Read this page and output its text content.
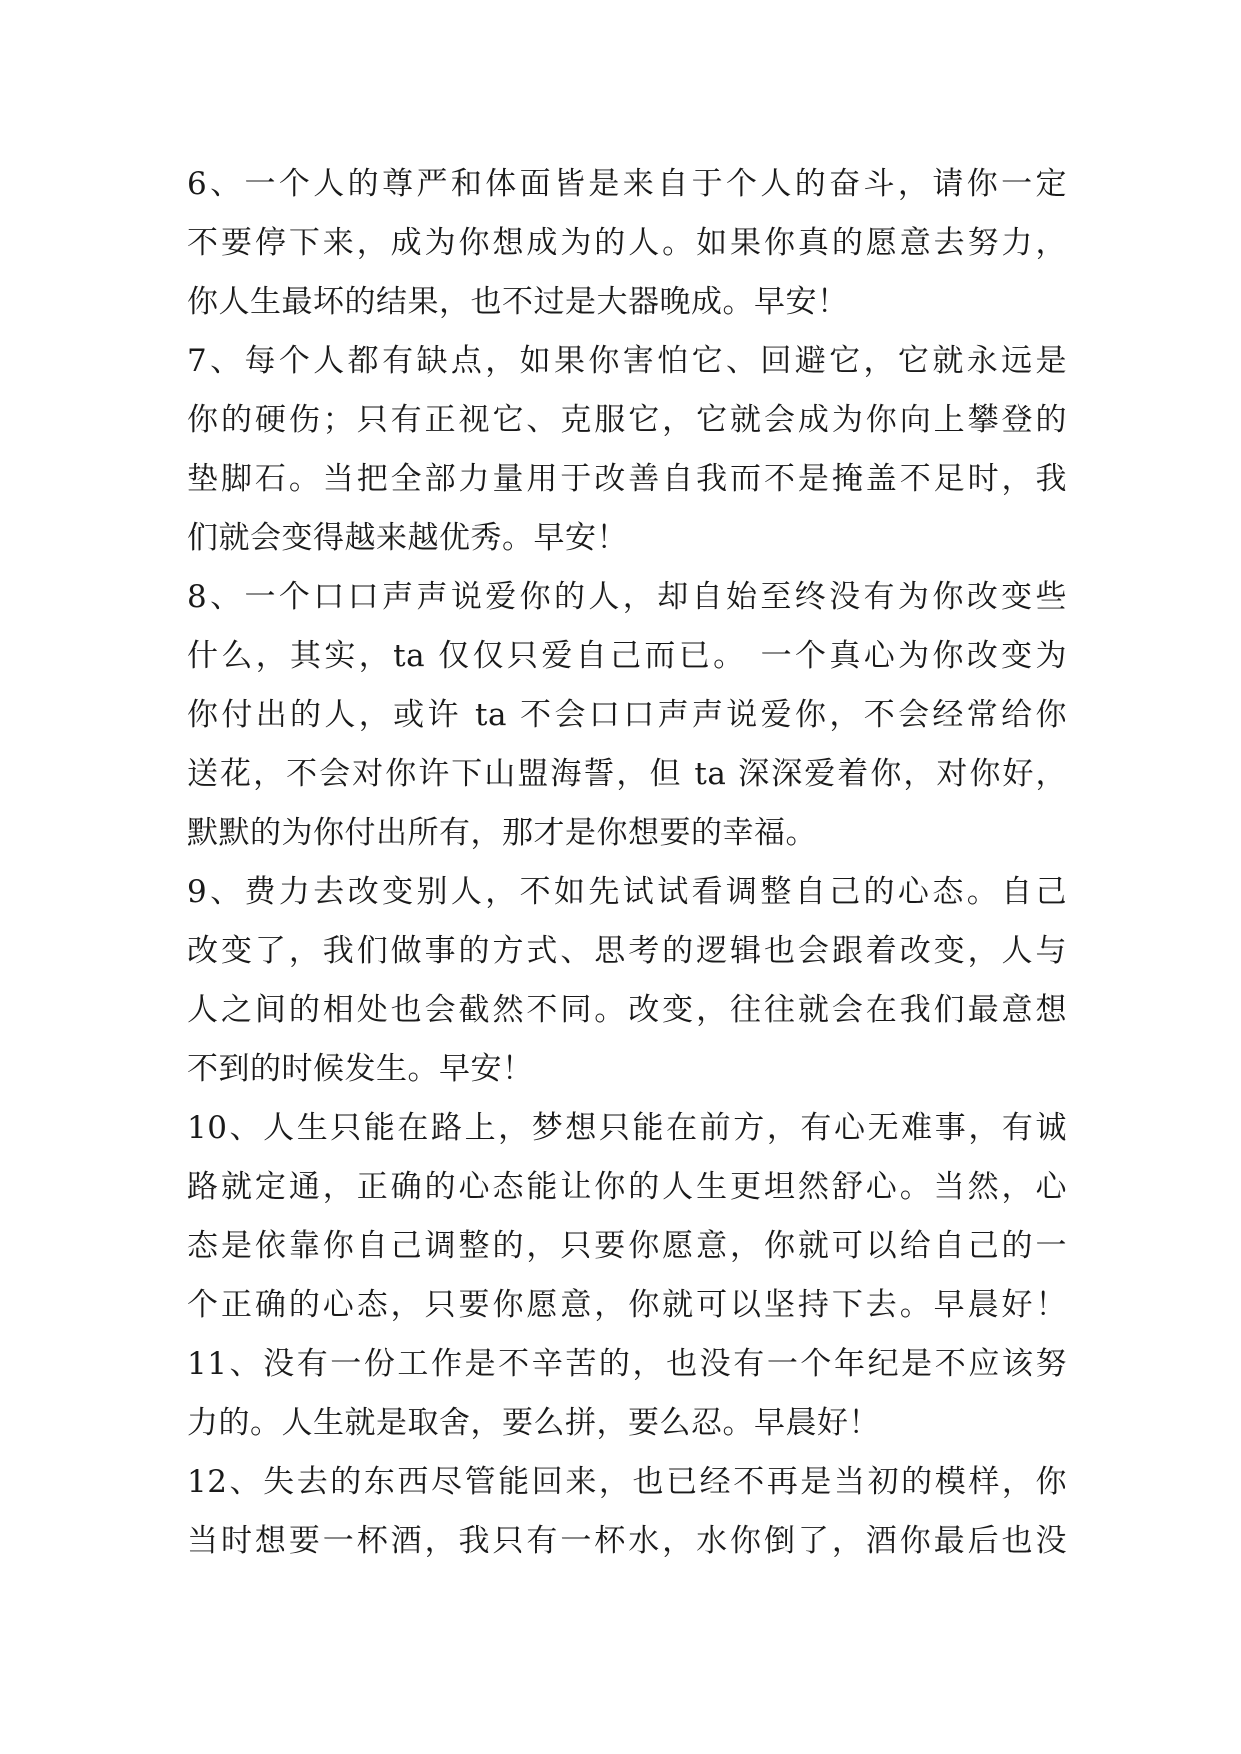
6、一个人的尊严和体面皆是来自于个人的奋斗，请你一定
不要停下来，成为你想成为的人。如果你真的愿意去努力，
你人生最坏的结果，也不过是大器晚成。早安！
7、每个人都有缺点，如果你害怕它、回避它，它就永远是
你的硬伤；只有正视它、克服它，它就会成为你向上攀登的
垫脚石。当把全部力量用于改善自我而不是掩盖不足时，我
们就会变得越来越优秀。早安！
8、一个口口声声说爱你的人，却自始至终没有为你改变些
什么，其实，ta 仅仅只爱自己而已。 一个真心为你改变为
你付出的人，或许 ta 不会口口声声说爱你，不会经常给你
送花，不会对你许下山盟海誓，但 ta 深深爱着你，对你好，
默默的为你付出所有，那才是你想要的幸福。
9、费力去改变别人，不如先试试看调整自己的心态。自己
改变了，我们做事的方式、思考的逻辑也会跟着改变，人与
人之间的相处也会截然不同。改变，往往就会在我们最意想
不到的时候发生。早安！
10、人生只能在路上，梦想只能在前方，有心无难事，有诚
路就定通，正确的心态能让你的人生更坦然舒心。当然，心
态是依靠你自己调整的，只要你愿意，你就可以给自己的一
个正确的心态，只要你愿意，你就可以坚持下去。早晨好！
11、没有一份工作是不辛苦的，也没有一个年纪是不应该努
力的。人生就是取舍，要么拼，要么忍。早晨好！
12、失去的东西尽管能回来，也已经不再是当初的模样，你
当时想要一杯酒，我只有一杯水，水你倒了，酒你最后也没
